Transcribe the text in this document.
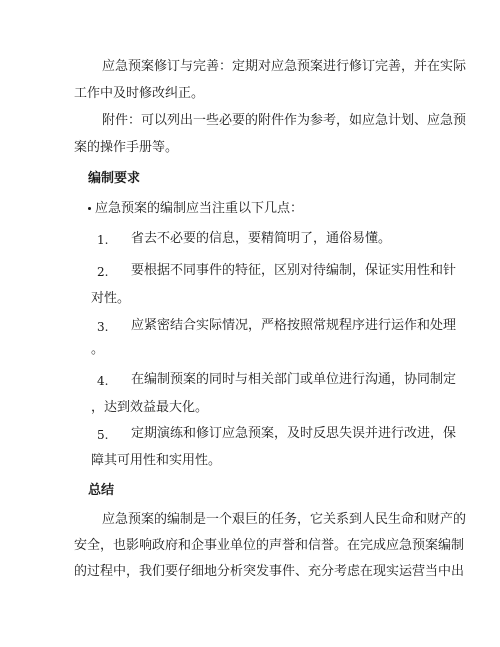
应急预案修订与完善：定期对应急预案进行修订完善，并在实际
工作中及时修改纠正。
附件：可以列出一些必要的附件作为参考，如应急计划、应急预
案的操作手册等。
编制要求
应急预案的编制应当注重以下几点：
1. 省去不必要的信息，要精简明了，通俗易懂。
2. 要根据不同事件的特征，区别对待编制，保证实用性和针
对性。
3. 应紧密结合实际情况，严格按照常规程序进行运作和处理
。
4. 在编制预案的同时与相关部门或单位进行沟通，协同制定
，达到效益最大化。
5. 定期演练和修订应急预案，及时反思失误并进行改进，保
障其可用性和实用性。
总结
应急预案的编制是一个艰巨的任务，它关系到人民生命和财产的
安全，也影响政府和企事业单位的声誉和信誉。在完成应急预案编制
的过程中，我们要仔细地分析突发事件、充分考虑在现实运营当中出
